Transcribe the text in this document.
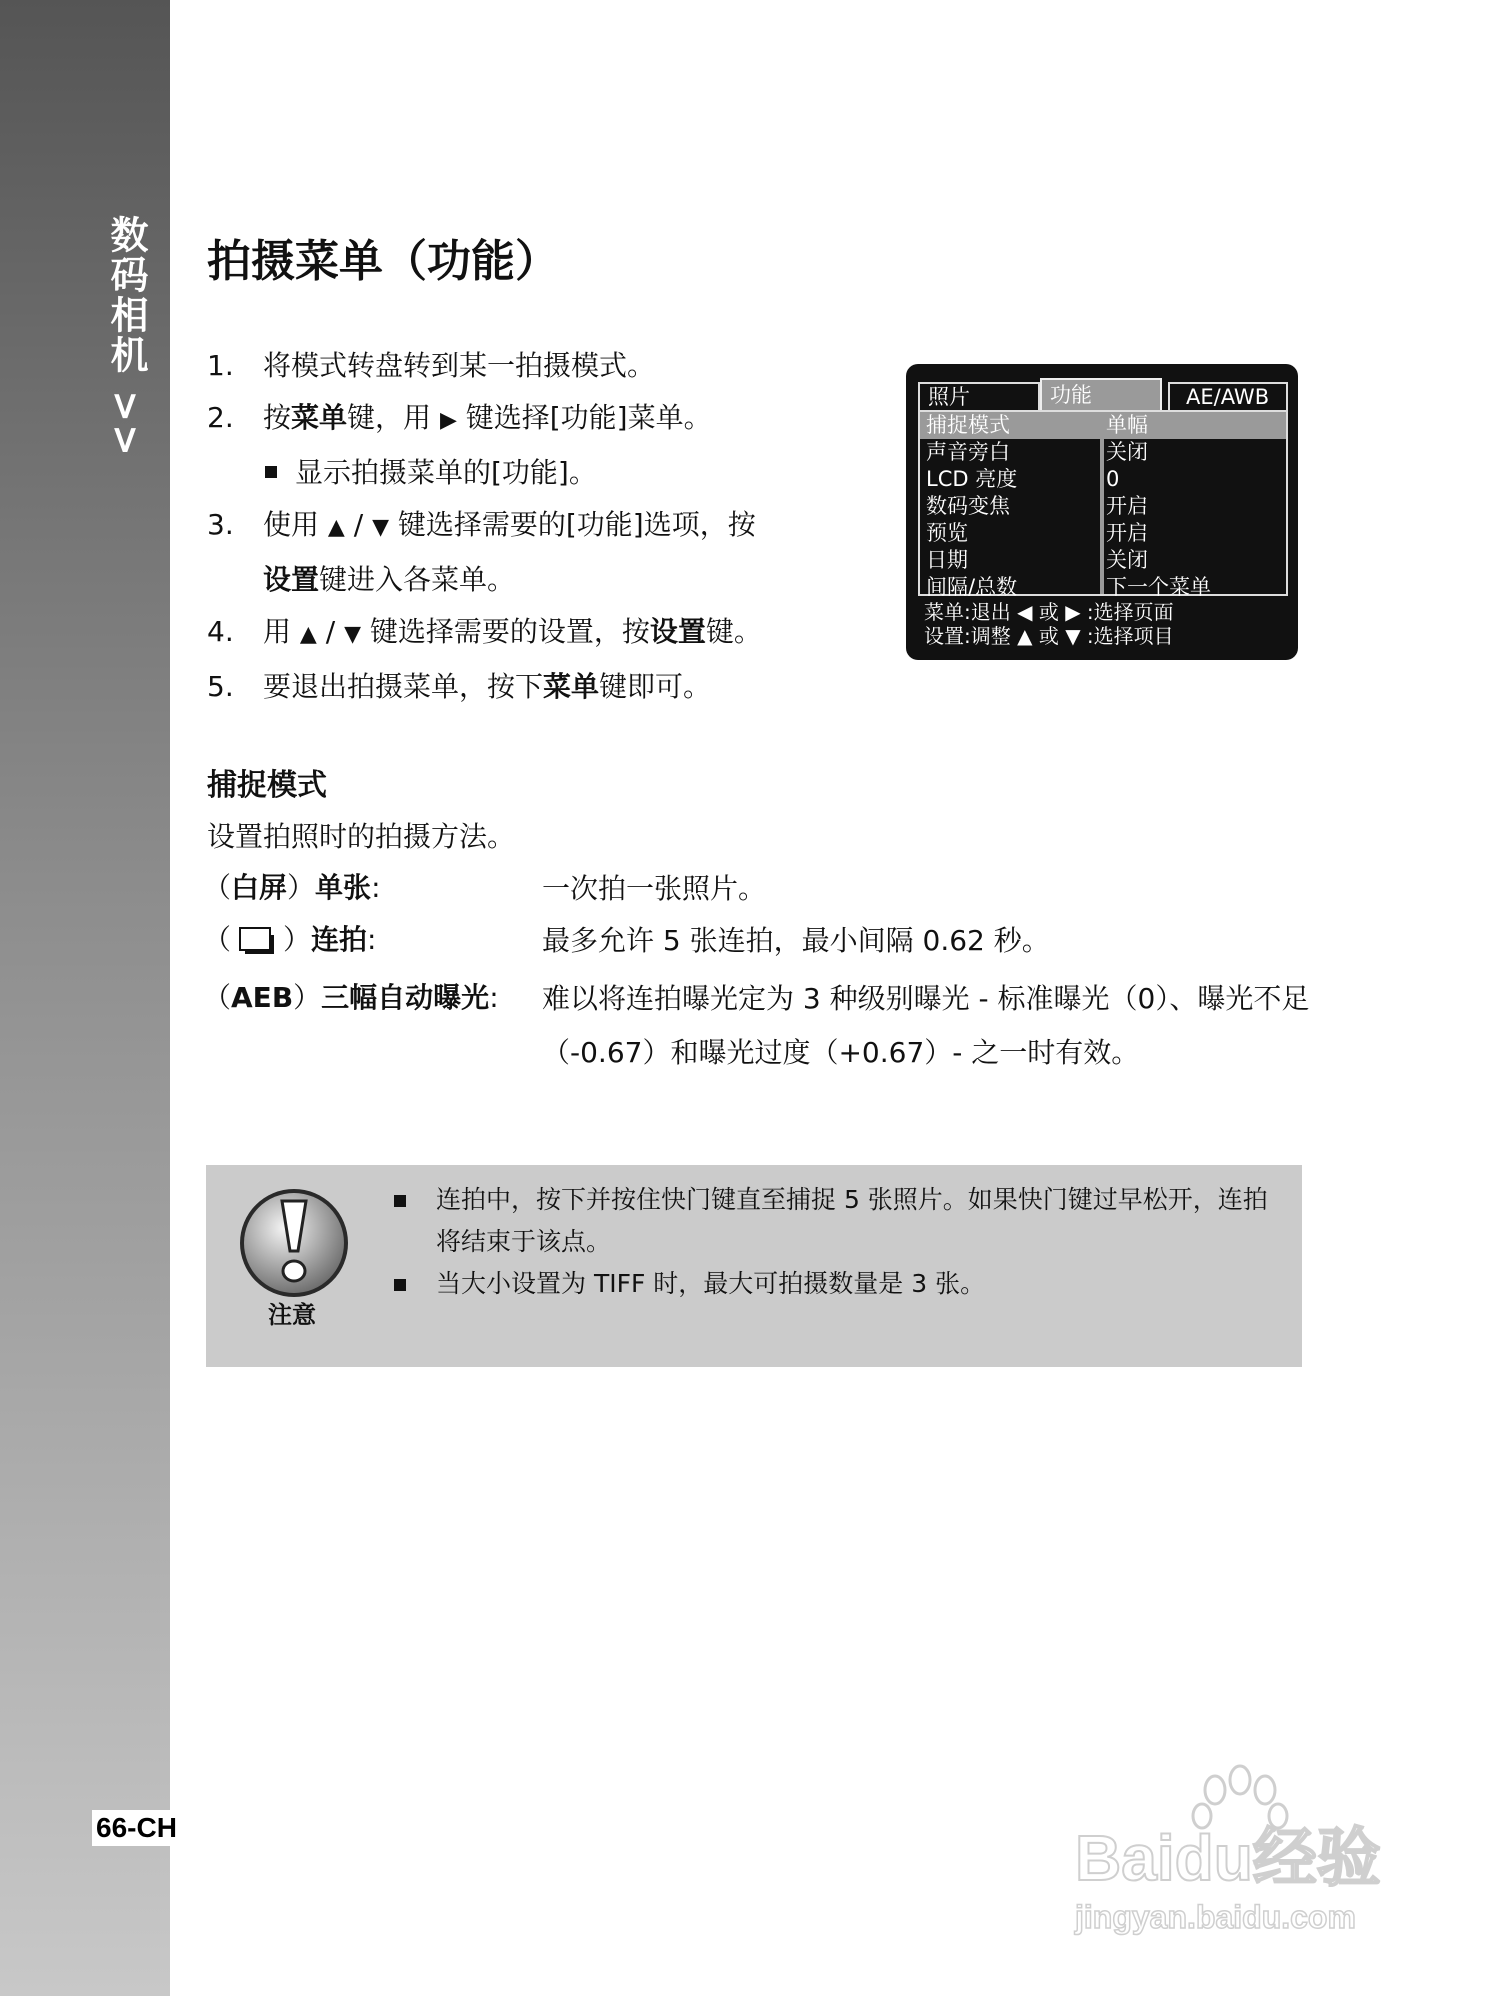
数码相机 >>
66-CH
拍摄菜单（功能）
1. 将模式转盘转到某一拍摄模式。
2. 按菜单键，用 ▶ 键选择[功能]菜单。
显示拍摄菜单的[功能]。
3. 使用 ▲ / ▼ 键选择需要的[功能]选项，按
设置键进入各菜单。
4. 用 ▲ / ▼ 键选择需要的设置，按设置键。
5. 要退出拍摄菜单，按下菜单键即可。
照片	功能	AE/AWB
捕捉模式	单幅
声音旁白	关闭
LCD 亮度	0
数码变焦	开启
预览	开启
日期	关闭
间隔/总数	下一个菜单
菜单:退出 ◀ 或 ▶ :选择页面
设置:调整 ▲ 或 ▼ :选择项目
捕捉模式
设置拍照时的拍摄方法。
（白屏）单张:	一次拍一张照片。
（ ）连拍:	最多允许 5 张连拍，最小间隔 0.62 秒。
（AEB）三幅自动曝光: 难以将连拍曝光定为 3 种级别曝光 - 标准曝光（0）、曝光不足（-0.67）和曝光过度（+0.67）- 之一时有效。
注意
连拍中，按下并按住快门键直至捕捉 5 张照片。如果快门键过早松开，连拍将结束于该点。
当大小设置为 TIFF 时，最大可拍摄数量是 3 张。
Baidu经验
jingyan.baidu.com
